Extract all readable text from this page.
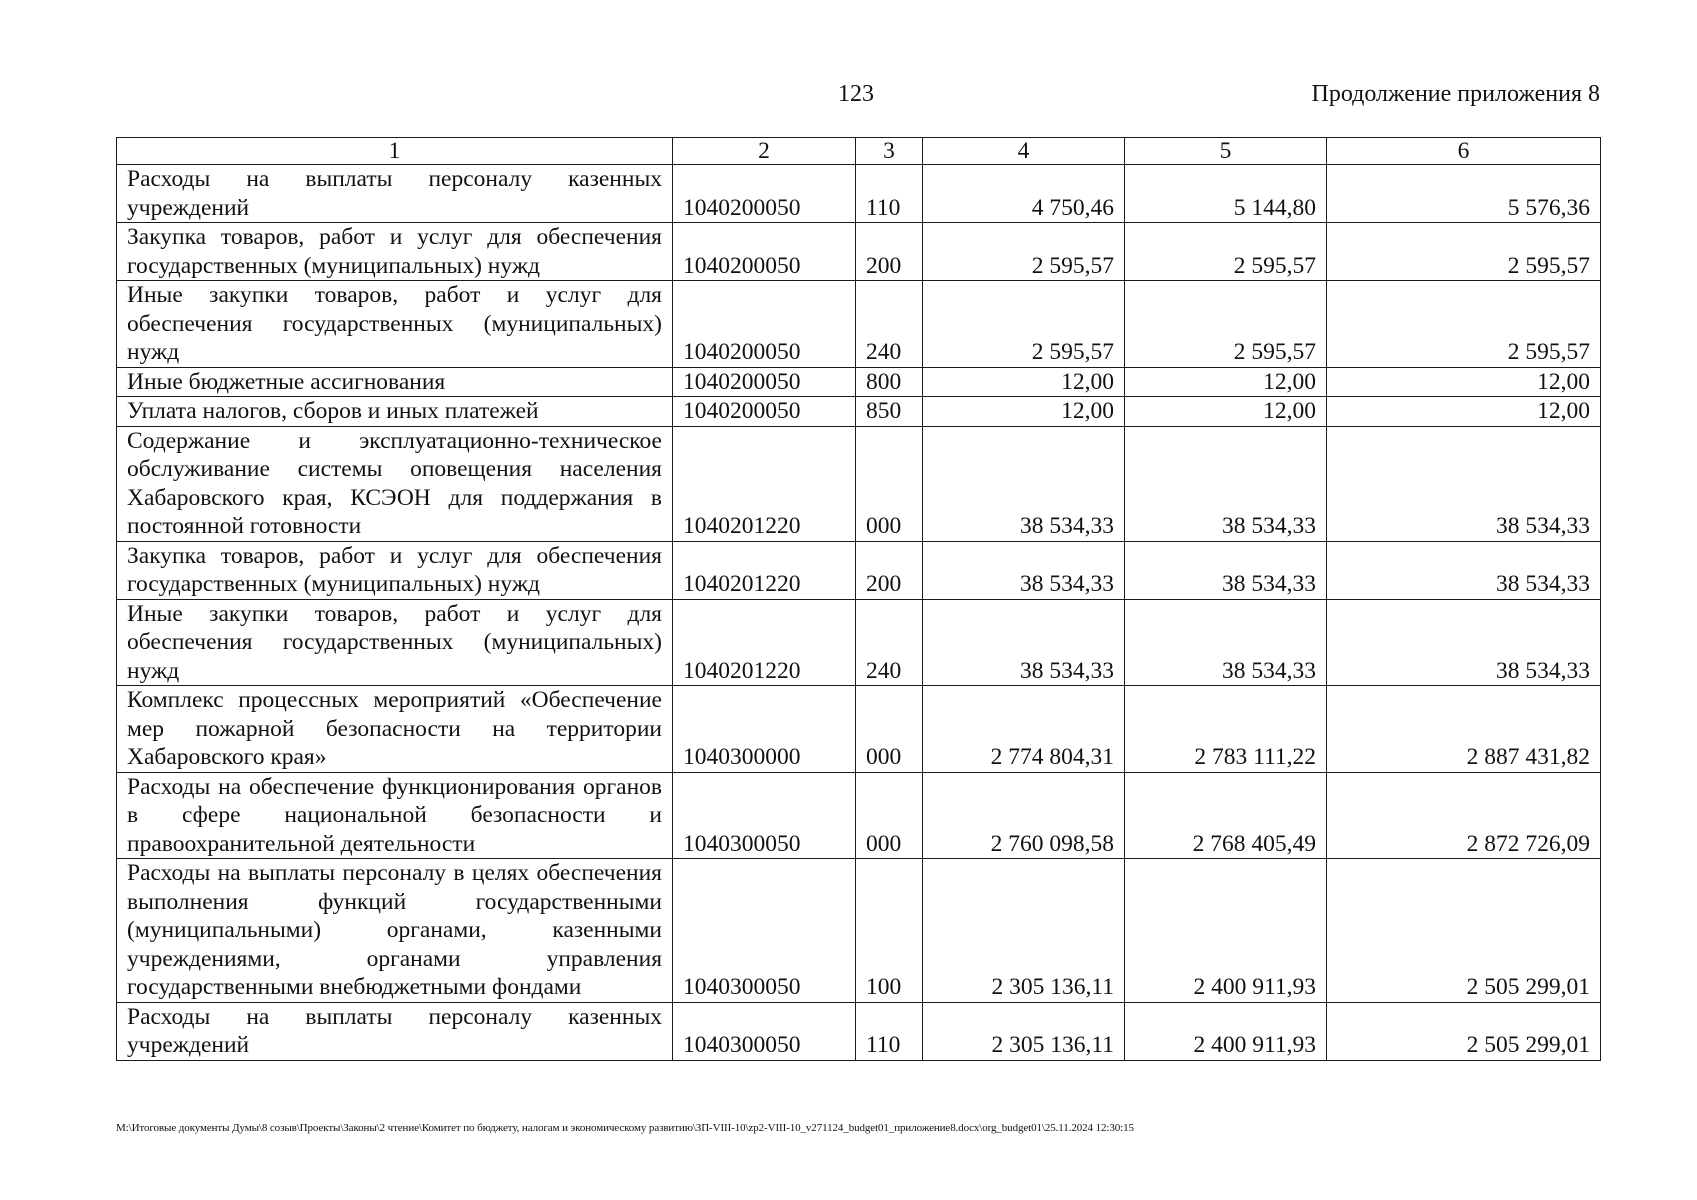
123	Продолжение приложения 8
1	2	3	4	5	6
Расходы на выплаты персоналу казенных учреждений	1040200050	110	4 750,46	5 144,80	5 576,36
Закупка товаров, работ и услуг для обеспечения государственных (муниципальных) нужд	1040200050	200	2 595,57	2 595,57	2 595,57
Иные закупки товаров, работ и услуг для обеспечения государственных (муниципальных) нужд	1040200050	240	2 595,57	2 595,57	2 595,57
Иные бюджетные ассигнования	1040200050	800	12,00	12,00	12,00
Уплата налогов, сборов и иных платежей	1040200050	850	12,00	12,00	12,00
Содержание и эксплуатационно-техническое обслуживание системы оповещения населения Хабаровского края, КСЭОН для поддержания в постоянной готовности	1040201220	000	38 534,33	38 534,33	38 534,33
Закупка товаров, работ и услуг для обеспечения государственных (муниципальных) нужд	1040201220	200	38 534,33	38 534,33	38 534,33
Иные закупки товаров, работ и услуг для обеспечения государственных (муниципальных) нужд	1040201220	240	38 534,33	38 534,33	38 534,33
Комплекс процессных мероприятий «Обеспечение мер пожарной безопасности на территории Хабаровского края»	1040300000	000	2 774 804,31	2 783 111,22	2 887 431,82
Расходы на обеспечение функционирования органов в сфере национальной безопасности и правоохранительной деятельности	1040300050	000	2 760 098,58	2 768 405,49	2 872 726,09
Расходы на выплаты персоналу в целях обеспечения выполнения функций государственными (муниципальными) органами, казенными учреждениями, органами управления государственными внебюджетными фондами	1040300050	100	2 305 136,11	2 400 911,93	2 505 299,01
Расходы на выплаты персоналу казенных учреждений	1040300050	110	2 305 136,11	2 400 911,93	2 505 299,01
M:\Итоговые документы Думы\8 созыв\Проекты\Законы\2 чтение\Комитет по бюджету, налогам и экономическому развитию\ЗП-VIII-10\zp2-VIII-10_v271124_budget01_приложение8.docx\org_budget01\25.11.2024 12:30:15
